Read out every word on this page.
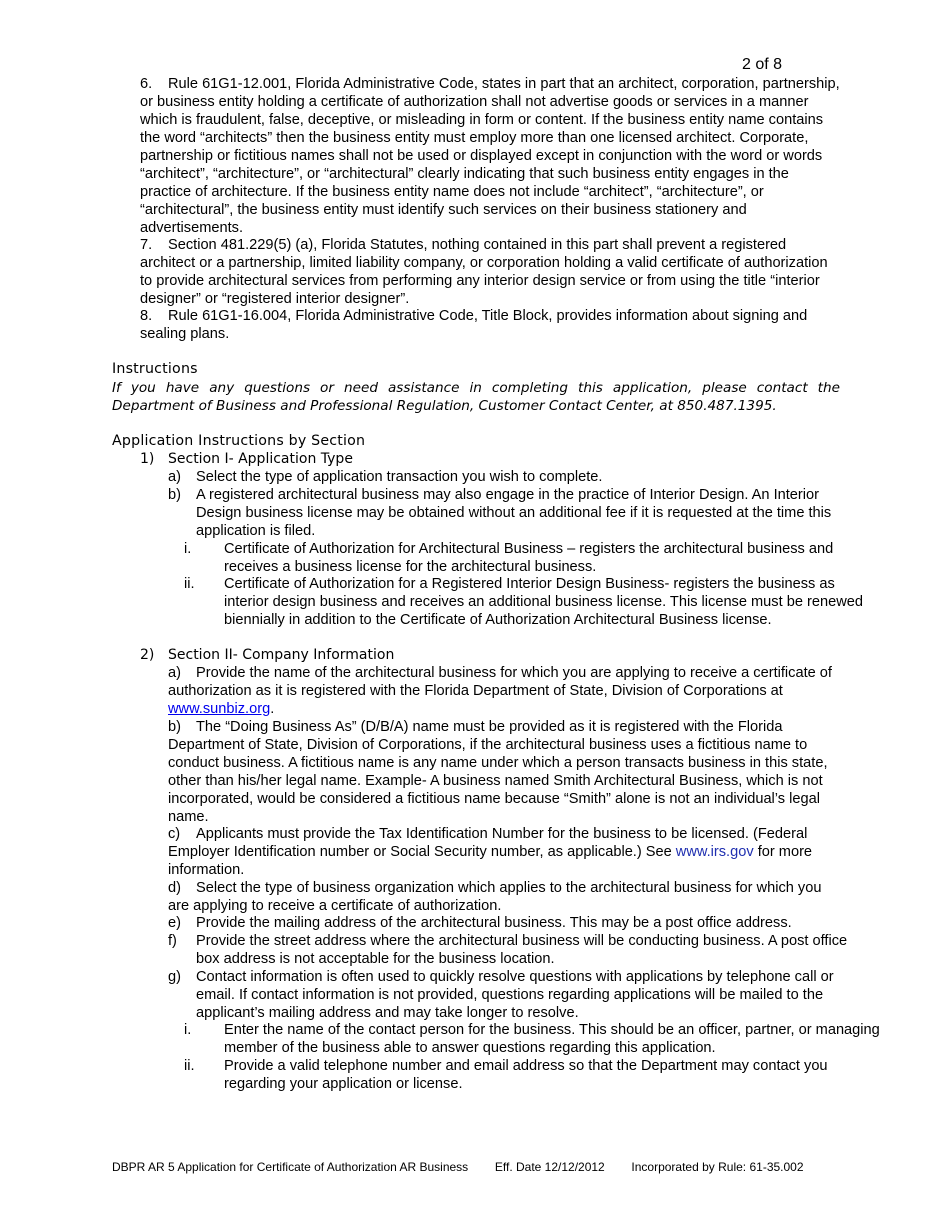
2 of 8
6. Rule 61G1-12.001, Florida Administrative Code, states in part that an architect, corporation, partnership, or business entity holding a certificate of authorization shall not advertise goods or services in a manner which is fraudulent, false, deceptive, or misleading in form or content. If the business entity name contains the word “architects” then the business entity must employ more than one licensed architect. Corporate, partnership or fictitious names shall not be used or displayed except in conjunction with the word or words “architect”, “architecture”, or “architectural” clearly indicating that such business entity engages in the practice of architecture. If the business entity name does not include “architect”, “architecture”, or “architectural”, the business entity must identify such services on their business stationery and advertisements.
7. Section 481.229(5) (a), Florida Statutes, nothing contained in this part shall prevent a registered architect or a partnership, limited liability company, or corporation holding a valid certificate of authorization to provide architectural services from performing any interior design service or from using the title “interior designer” or “registered interior designer”.
8. Rule 61G1-16.004, Florida Administrative Code, Title Block, provides information about signing and sealing plans.
Instructions
If you have any questions or need assistance in completing this application, please contact the Department of Business and Professional Regulation, Customer Contact Center, at 850.487.1395.
Application Instructions by Section
1) Section I- Application Type
a) Select the type of application transaction you wish to complete.
b) A registered architectural business may also engage in the practice of Interior Design. An Interior Design business license may be obtained without an additional fee if it is requested at the time this application is filed.
i. Certificate of Authorization for Architectural Business – registers the architectural business and receives a business license for the architectural business.
ii. Certificate of Authorization for a Registered Interior Design Business- registers the business as interior design business and receives an additional business license. This license must be renewed biennially in addition to the Certificate of Authorization Architectural Business license.
2) Section II- Company Information
a) Provide the name of the architectural business for which you are applying to receive a certificate of authorization as it is registered with the Florida Department of State, Division of Corporations at www.sunbiz.org.
b) The “Doing Business As” (D/B/A) name must be provided as it is registered with the Florida Department of State, Division of Corporations, if the architectural business uses a fictitious name to conduct business. A fictitious name is any name under which a person transacts business in this state, other than his/her legal name. Example- A business named Smith Architectural Business, which is not incorporated, would be considered a fictitious name because “Smith” alone is not an individual’s legal name.
c) Applicants must provide the Tax Identification Number for the business to be licensed. (Federal Employer Identification number or Social Security number, as applicable.) See www.irs.gov for more information.
d) Select the type of business organization which applies to the architectural business for which you are applying to receive a certificate of authorization.
e) Provide the mailing address of the architectural business. This may be a post office address.
f) Provide the street address where the architectural business will be conducting business. A post office box address is not acceptable for the business location.
g) Contact information is often used to quickly resolve questions with applications by telephone call or email. If contact information is not provided, questions regarding applications will be mailed to the applicant’s mailing address and may take longer to resolve.
i. Enter the name of the contact person for the business. This should be an officer, partner, or managing member of the business able to answer questions regarding this application.
ii. Provide a valid telephone number and email address so that the Department may contact you regarding your application or license.
DBPR AR 5 Application for Certificate of Authorization AR Business Eff. Date 12/12/2012 Incorporated by Rule: 61-35.002
